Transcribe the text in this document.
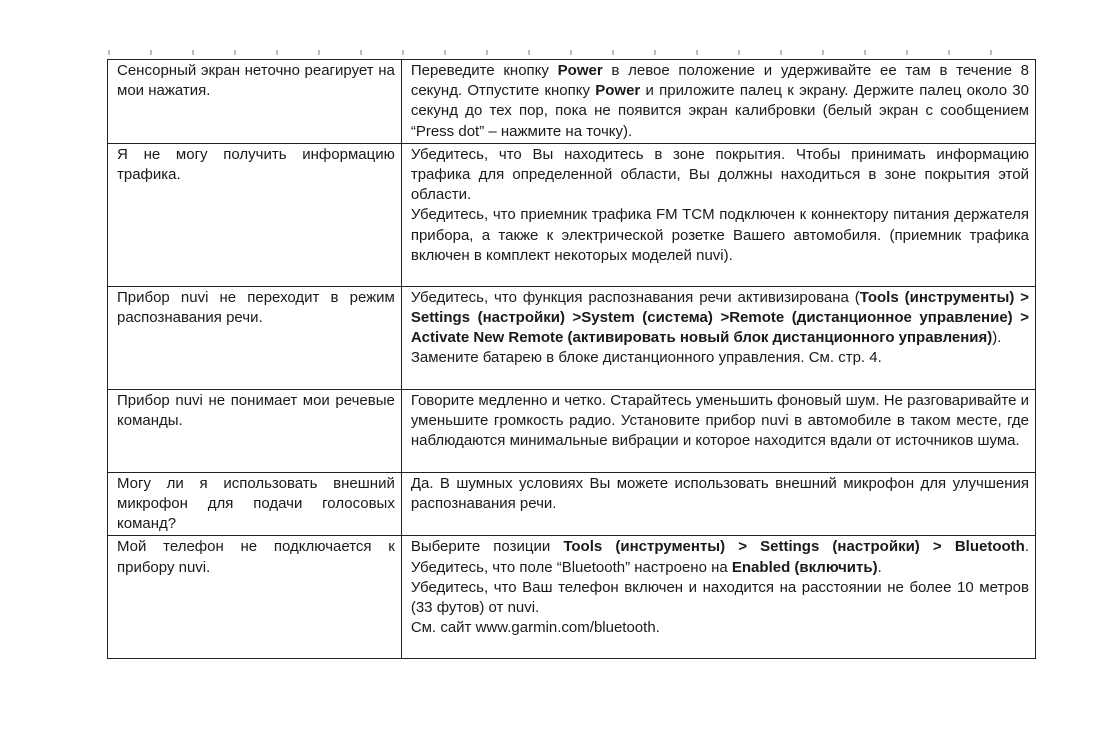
Сенсорный экран неточно реагирует на мои нажатия.	Переведите кнопку Power в левое положение и удерживайте ее там в течение 8 секунд. Отпустите кнопку Power и приложите палец к экрану. Держите палец около 30 секунд до тех пор, пока не появится экран калибровки (белый экран с сообщением “Press dot” – нажмите на точку).

Я не могу получить информацию трафика.	Убедитесь, что Вы находитесь в зоне покрытия. Чтобы принимать информацию трафика для определенной области, Вы должны находиться в зоне покрытия этой области.
Убедитесь, что приемник трафика FM TCM подключен к коннектору питания держателя прибора, а также к электрической розетке Вашего автомобиля. (приемник трафика включен в комплект некоторых моделей nuvi).

Прибор nuvi не переходит в режим распознавания речи.	Убедитесь, что функция распознавания речи активизирована (Tools (инструменты) > Settings (настройки) >System (система) >Remote (дистанционное управление) > Activate New Remote (активировать новый блок дистанционного управления)).
Замените батарею в блоке дистанционного управления. См. стр. 4.

Прибор nuvi не понимает мои речевые команды.	Говорите медленно и четко. Старайтесь уменьшить фоновый шум. Не разговаривайте и уменьшите громкость радио. Установите прибор nuvi в автомобиле в таком месте, где наблюдаются минимальные вибрации и которое находится вдали от источников шума.

Могу ли я использовать внешний микрофон для подачи голосовых команд?	Да. В шумных условиях Вы можете использовать внешний микрофон для улучшения распознавания речи.

Мой телефон не подключается к прибору nuvi.	Выберите позиции Tools (инструменты) > Settings (настройки) > Bluetooth. Убедитесь, что поле “Bluetooth” настроено на Enabled (включить).
Убедитесь, что Ваш телефон включен и находится на расстоянии не более 10 метров (33 футов) от nuvi.
См. сайт www.garmin.com/bluetooth.
